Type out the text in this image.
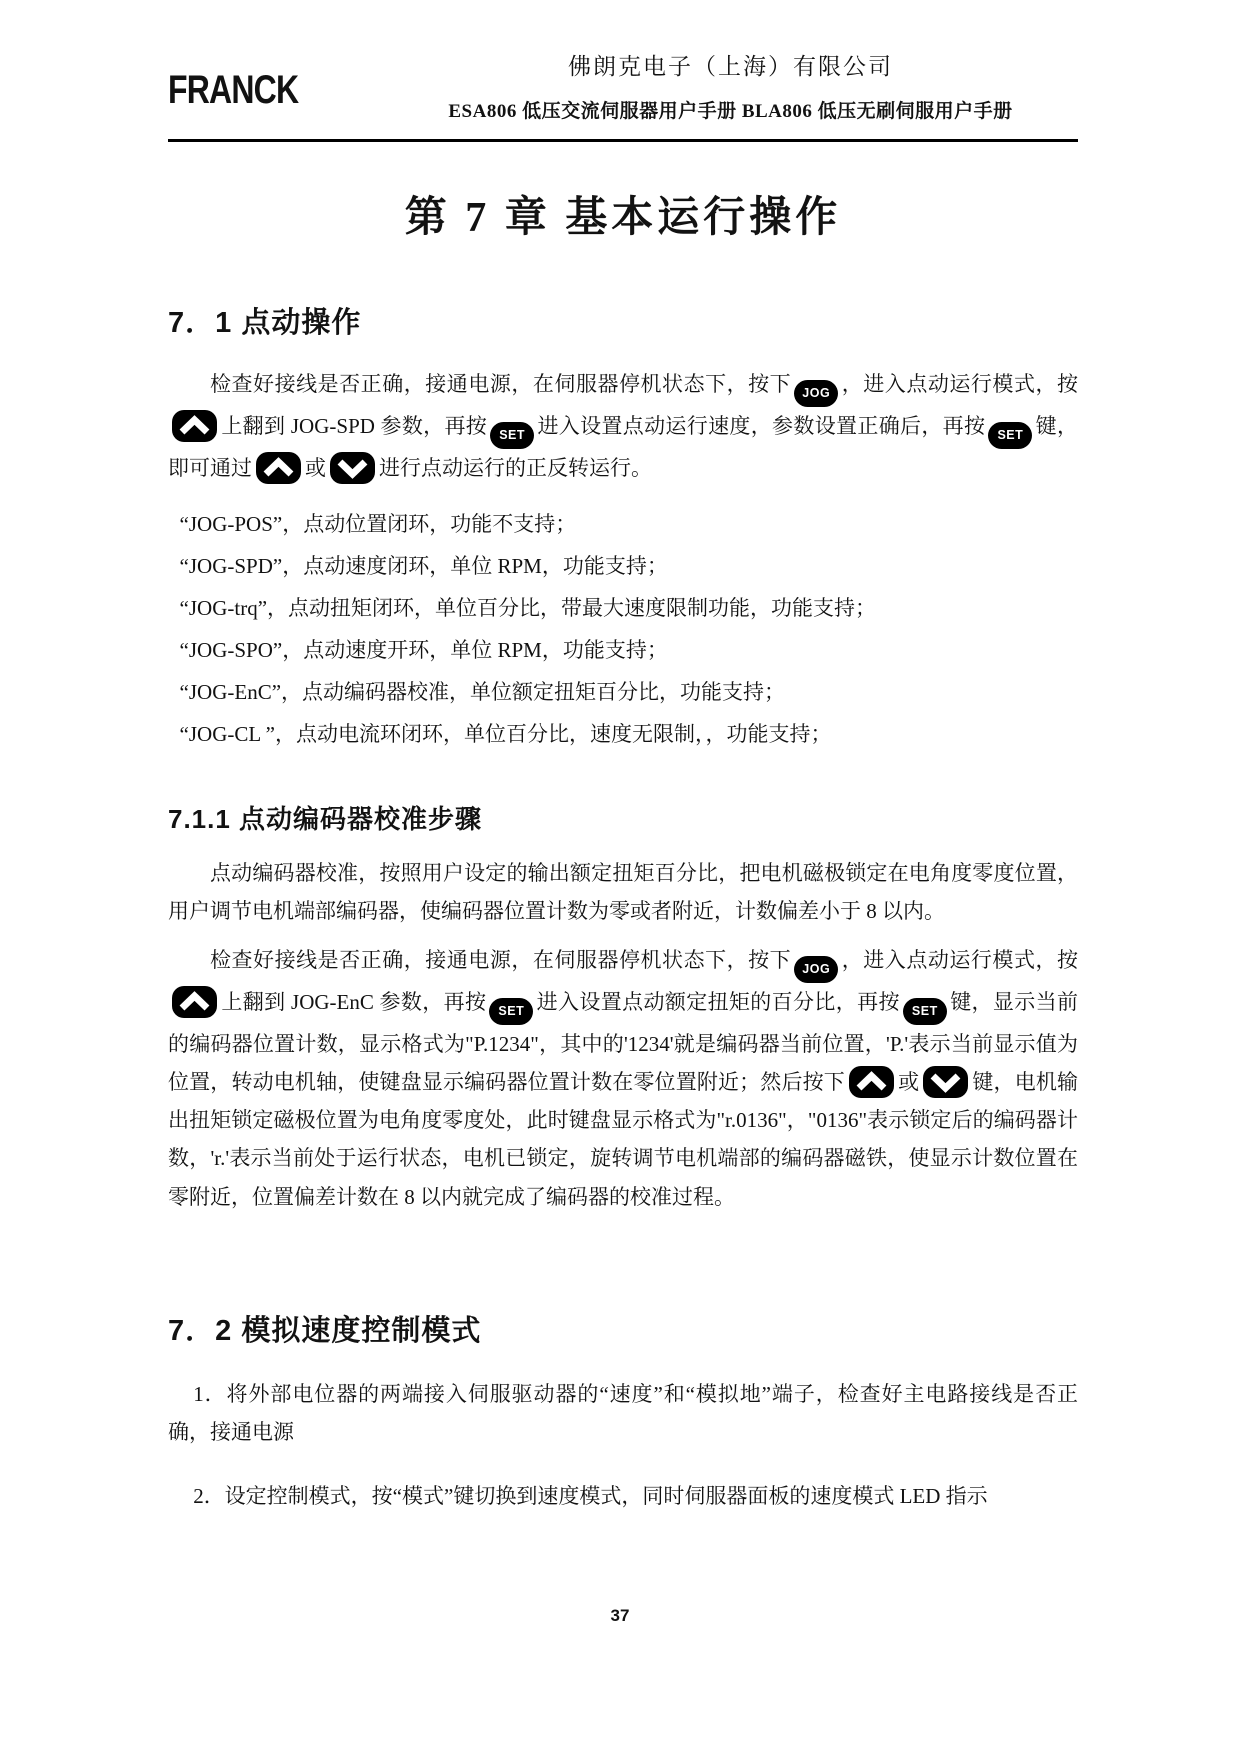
FRANCK
佛朗克电子（上海）有限公司
ESA806 低压交流伺服器用户手册 BLA806 低压无刷伺服用户手册
第 7 章 基本运行操作
7．1 点动操作

检查好接线是否正确，接通电源，在伺服器停机状态下，按下 JOG ，进入点动运行模式，按
上翻到 JOG-SPD 参数，再按 SET 进入设置点动运行速度，参数设置正确后，再按 SET 键，即可通过	或	进行点动运行的正反转运行。

“JOG-POS”，点动位置闭环，功能不支持；

“JOG-SPD”，点动速度闭环，单位 RPM，功能支持；

“JOG-trq”，点动扭矩闭环，单位百分比，带最大速度限制功能，功能支持；

“JOG-SPO”，点动速度开环，单位 RPM，功能支持；

“JOG-EnC”，点动编码器校准，单位额定扭矩百分比，功能支持；

“JOG-CL ”，点动电流环闭环，单位百分比，速度无限制，，功能支持；

7.1.1 点动编码器校准步骤

点动编码器校准，按照用户设定的输出额定扭矩百分比，把电机磁极锁定在电角度零度位置，用户调节电机端部编码器，使编码器位置计数为零或者附近，计数偏差小于 8 以内。

检查好接线是否正确，接通电源，在伺服器停机状态下，按下 JOG ，进入点动运行模式，按
上翻到 JOG-EnC 参数，再按 SET 进入设置点动额定扭矩的百分比，再按 SET 键，显示当前的编码器位置计数，显示格式为"P.1234"，其中的'1234'就是编码器当前位置，'P.'表示当前显示值为位置，转动电机轴，使键盘显示编码器位置计数在零位置附近；然后按下	或	键，电机输出扭矩锁定磁极位置为电角度零度处，此时键盘显示格式为"r.0136"，"0136"表示锁定后的编码器计数，'r.'表示当前处于运行状态，电机已锁定，旋转调节电机端部的编码器磁铁，使显示计数位置在零附近，位置偏差计数在 8 以内就完成了编码器的校准过程。

7．2 模拟速度控制模式

1．将外部电位器的两端接入伺服驱动器的“速度”和“模拟地”端子，检查好主电路接线是否正确，接通电源

2．设定控制模式，按“模式”键切换到速度模式，同时伺服器面板的速度模式 LED 指示

37
